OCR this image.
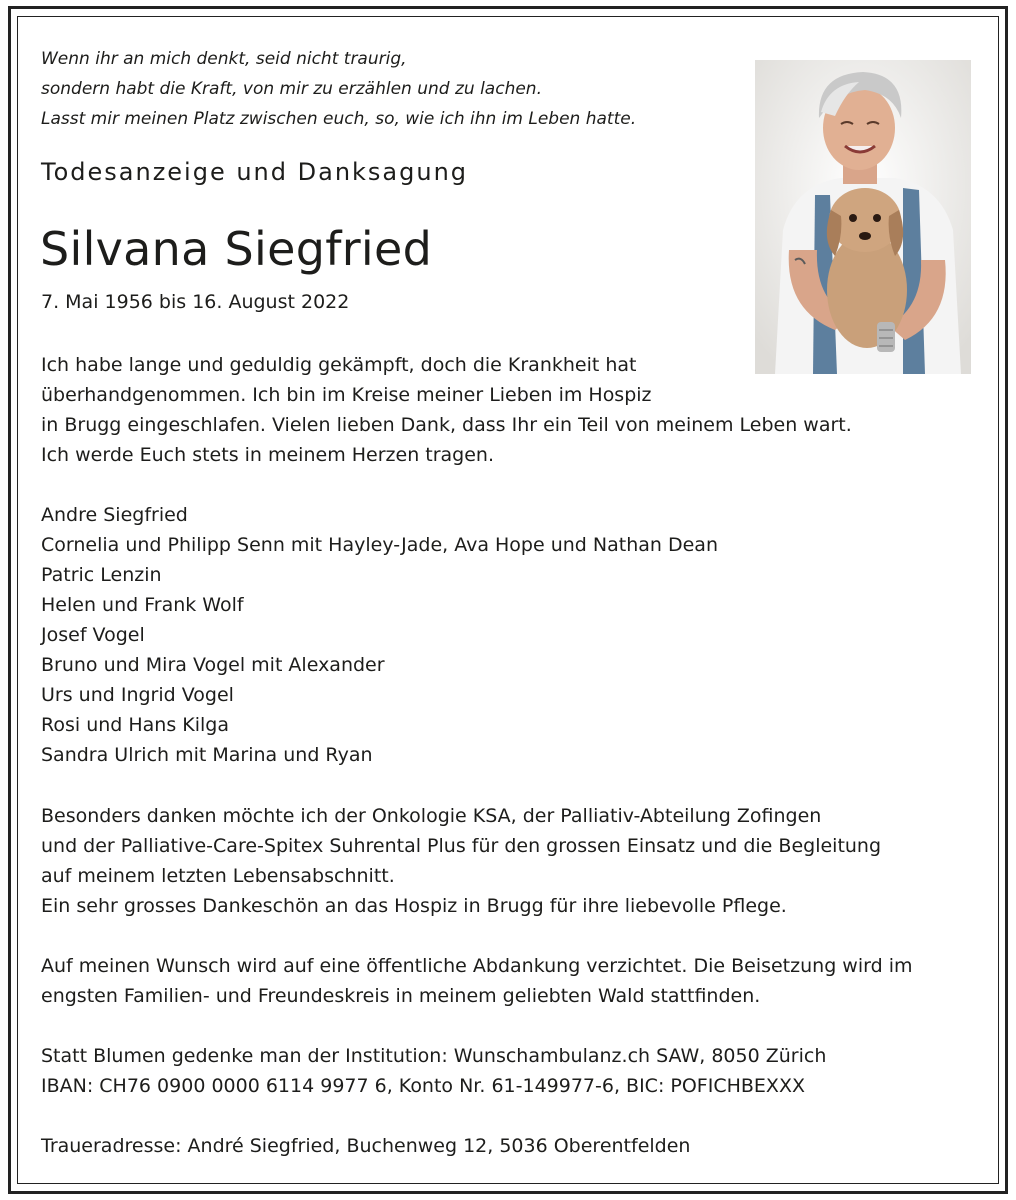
Wenn ihr an mich denkt, seid nicht traurig,
sondern habt die Kraft, von mir zu erzählen und zu lachen.
Lasst mir meinen Platz zwischen euch, so, wie ich ihn im Leben hatte.
Todesanzeige und Danksagung
Silvana Siegfried
7. Mai 1956 bis 16. August 2022
Ich habe lange und geduldig gekämpft, doch die Krankheit hat
überhandgenommen. Ich bin im Kreise meiner Lieben im Hospiz
in Brugg eingeschlafen. Vielen lieben Dank, dass Ihr ein Teil von meinem Leben wart.
Ich werde Euch stets in meinem Herzen tragen.
Andre Siegfried
Cornelia und Philipp Senn mit Hayley-Jade, Ava Hope und Nathan Dean
Patric Lenzin
Helen und Frank Wolf
Josef Vogel
Bruno und Mira Vogel mit Alexander
Urs und Ingrid Vogel
Rosi und Hans Kilga
Sandra Ulrich mit Marina und Ryan
Besonders danken möchte ich der Onkologie KSA, der Palliativ-Abteilung Zofingen
und der Palliative-Care-Spitex Suhrental Plus für den grossen Einsatz und die Begleitung
auf meinem letzten Lebensabschnitt.
Ein sehr grosses Dankeschön an das Hospiz in Brugg für ihre liebevolle Pflege.
Auf meinen Wunsch wird auf eine öffentliche Abdankung verzichtet. Die Beisetzung wird im
engsten Familien- und Freundeskreis in meinem geliebten Wald stattfinden.
Statt Blumen gedenke man der Institution: Wunschambulanz.ch SAW, 8050 Zürich
IBAN: CH76 0900 0000 6114 9977 6, Konto Nr. 61-149977-6, BIC: POFICHBEXXX
Traueradresse: André Siegfried, Buchenweg 12, 5036 Oberentfelden
